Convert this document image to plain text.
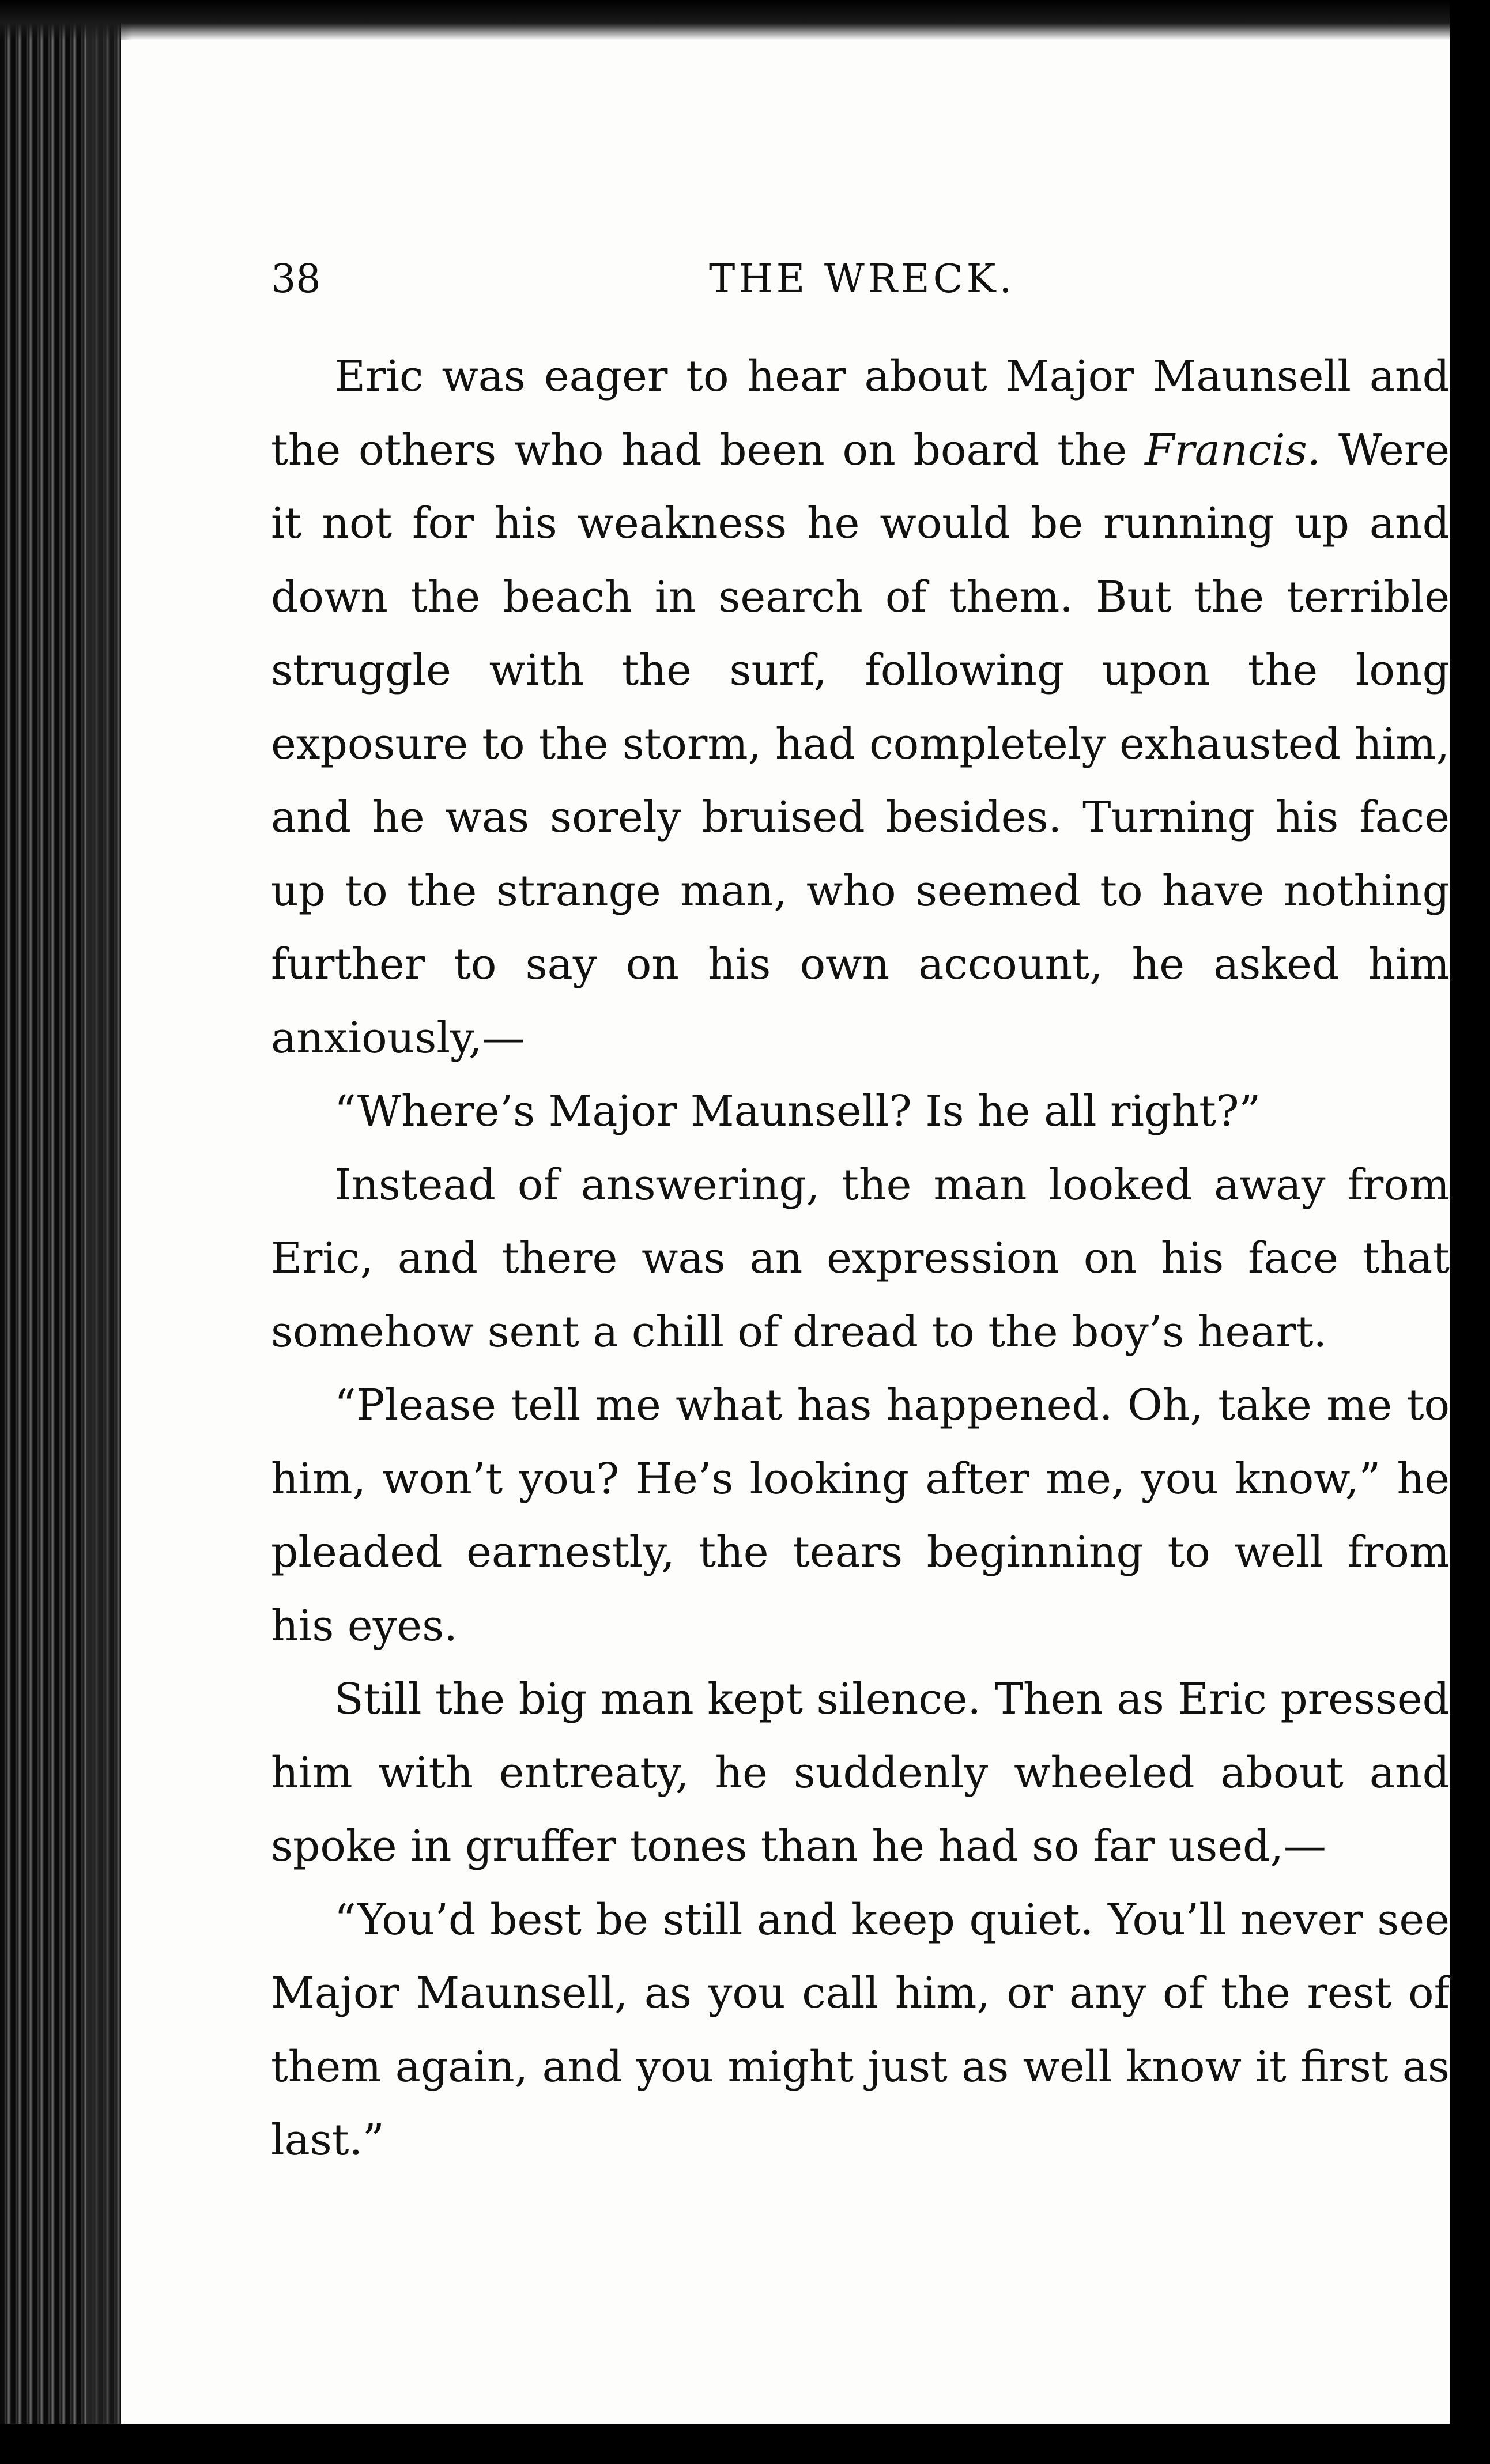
38	THE WRECK.

Eric was eager to hear about Major Maunsell and the others who had been on board the Francis. Were it not for his weakness he would be running up and down the beach in search of them. But the terrible struggle with the surf, following upon the long exposure to the storm, had completely exhausted him, and he was sorely bruised besides. Turning his face up to the strange man, who seemed to have nothing further to say on his own account, he asked him anxiously,—

“Where’s Major Maunsell? Is he all right?”

Instead of answering, the man looked away from Eric, and there was an expression on his face that somehow sent a chill of dread to the boy’s heart.

“Please tell me what has happened. Oh, take me to him, won’t you? He’s looking after me, you know,” he pleaded earnestly, the tears beginning to well from his eyes.

Still the big man kept silence. Then as Eric pressed him with entreaty, he suddenly wheeled about and spoke in gruffer tones than he had so far used,—

“You’d best be still and keep quiet. You’ll never see Major Maunsell, as you call him, or any of the rest of them again, and you might just as well know it first as last.”
